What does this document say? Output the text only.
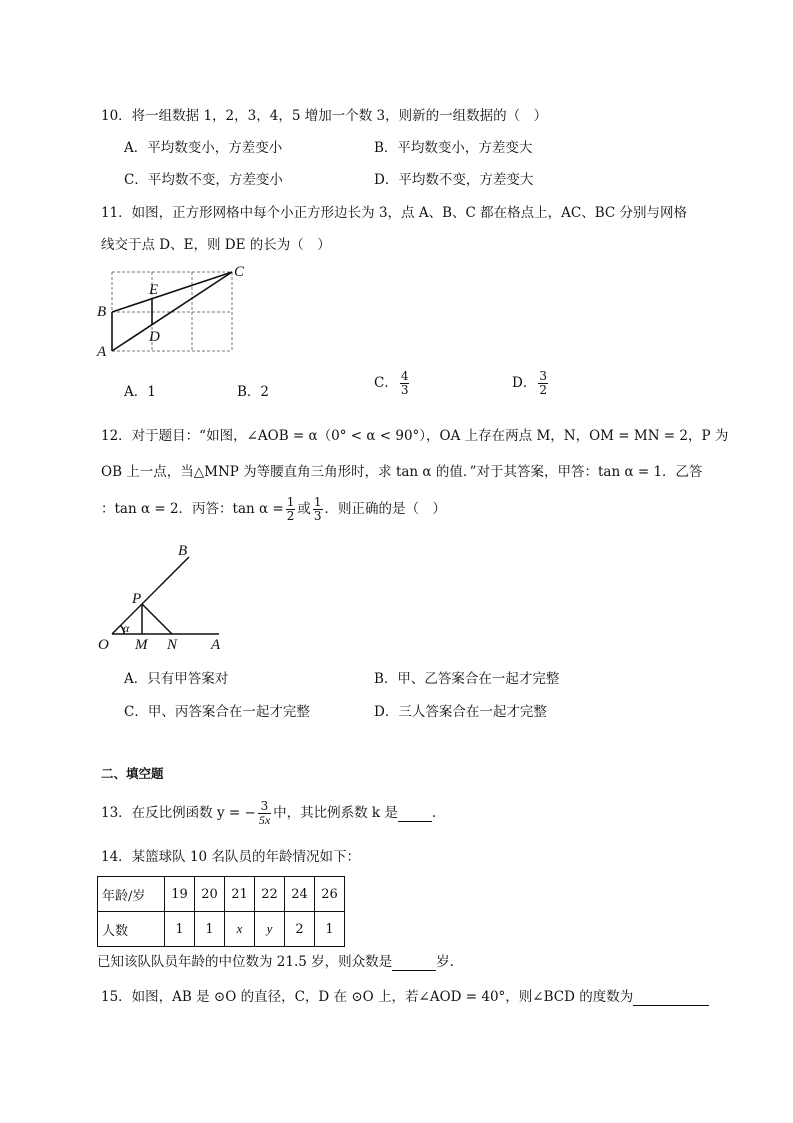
10．将一组数据 1，2，3，4，5 增加一个数 3，则新的一组数据的（　）
A．平均数变小，方差变小	B．平均数变小，方差变大
C．平均数不变，方差变小	D．平均数不变，方差变大
11．如图，正方形网格中每个小正方形边长为 3，点 A、B、C 都在格点上，AC、BC 分别与网格
线交于点 D、E，则 DE 的长为（　）
A
B
C
D
E
A．1	B．2
C． $\frac{4}{3}$	D． $\frac{3}{2}$
12．对于题目：“如图，∠AOB = α（0° < α < 90°），OA 上存在两点 M，N，OM = MN = 2，P 为
OB 上一点，当△MNP 为等腰直角三角形时，求 tan α 的值．”对于其答案，甲答：tan α = 1．乙答
：tan α = 2．丙答：$\tan \alpha = \frac{1}{2}$ 或 $\frac{1}{3}$ ．则正确的是（　）
O M N A
P
B
α
A．只有甲答案对	B．甲、乙答案合在一起才完整
C．甲、丙答案合在一起才完整	D．三人答案合在一起才完整
二、填空题
13．在反比例函数 y = − $\frac{3}{5x}$ 中，其比例系数 k 是	.
14．某篮球队 10 名队员的年龄情况如下：
年龄/岁	19	20	21	22	24	26
人数	1	1	x	y	2	1
已知该队队员年龄的中位数为 21.5 岁，则众数是	岁.
15．如图，AB 是 ⊙O 的直径，C，D 在 ⊙O 上，若∠AOD = 40°，则∠BCD 的度数为
